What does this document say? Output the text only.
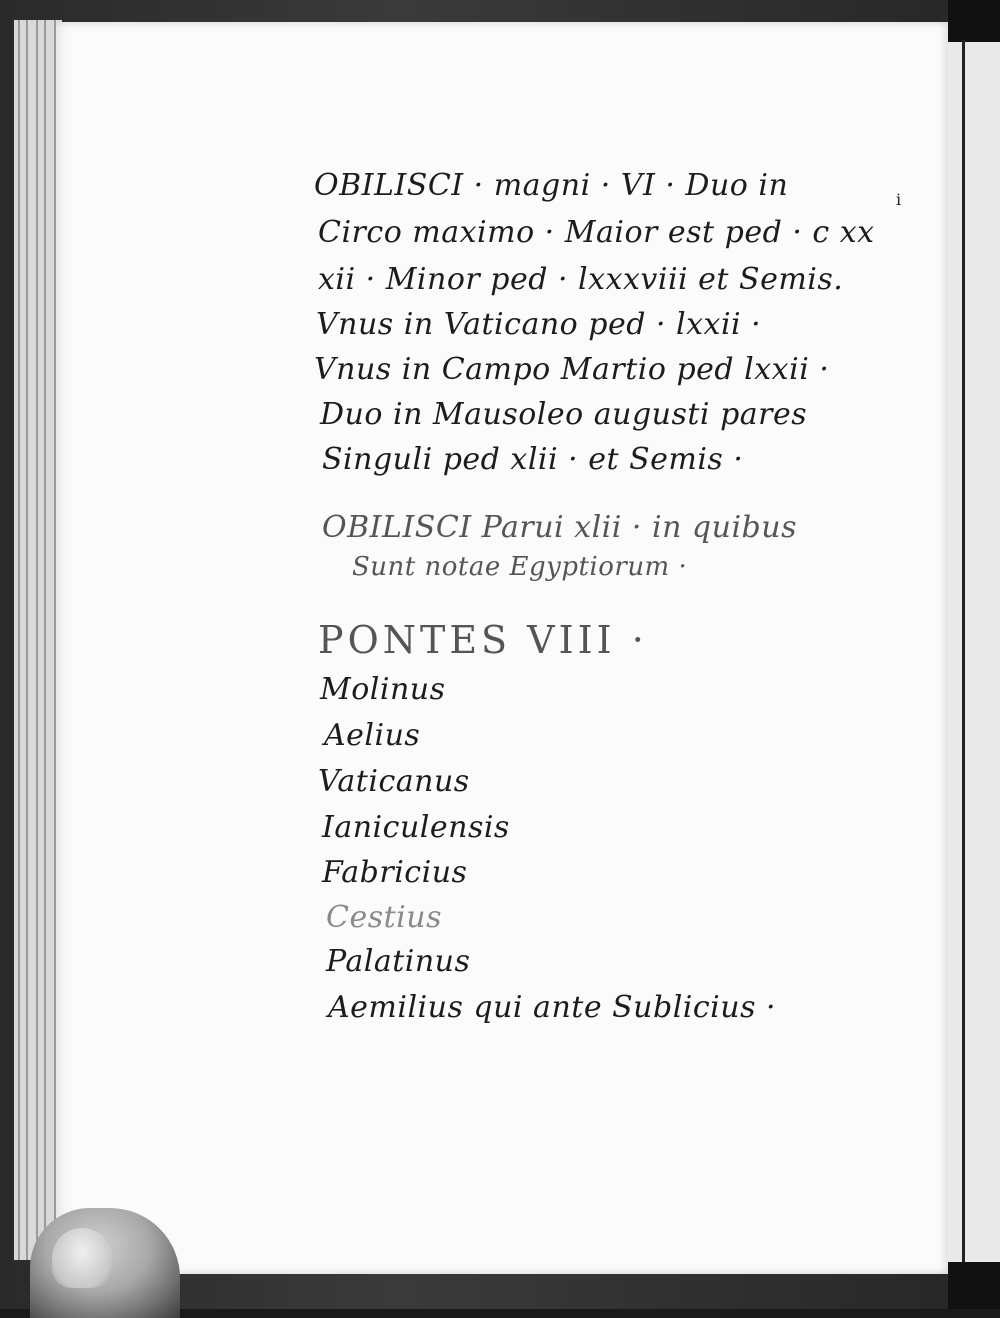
i
OBILISCI · magni · VI · Duo in
Circo maximo · Maior est ped · c xx
xii · Minor ped · lxxxviii et Semis.
Vnus in Vaticano ped · lxxii ·
Vnus in Campo Martio ped lxxii ·
Duo in Mausoleo augusti pares
Singuli ped xlii · et Semis ·
OBILISCI Parui xlii · in quibus
Sunt notae Egyptiorum ·
PONTES VIII ·
Molinus
Aelius
Vaticanus
Ianiculensis
Fabricius
Cestius
Palatinus
Aemilius qui ante Sublicius ·
